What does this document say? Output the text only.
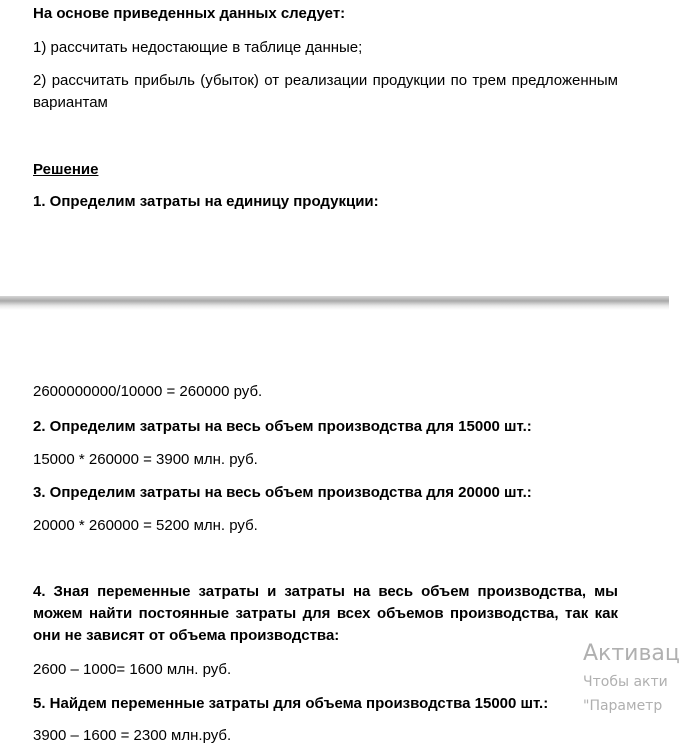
На основе приведенных данных следует:

1) рассчитать недостающие в таблице данные;

2) рассчитать прибыль (убыток) от реализации продукции по трем предложенным вариантам

Решение

1. Определим затраты на единицу продукции:

2600000000/10000 = 260000 руб.

2. Определим затраты на весь объем производства для 15000 шт.:

15000 * 260000 = 3900 млн. руб.

3. Определим затраты на весь объем производства для 20000 шт.:

20000 * 260000 = 5200 млн. руб.

4. Зная переменные затраты и затраты на весь объем производства, мы можем найти постоянные затраты для всех объемов производства, так как они не зависят от объема производства:

2600 – 1000= 1600 млн. руб.

5. Найдем переменные затраты для объема производства 15000 шт.:

3900 – 1600 = 2300 млн.руб.

Активац
Чтобы акти
"Параметр
